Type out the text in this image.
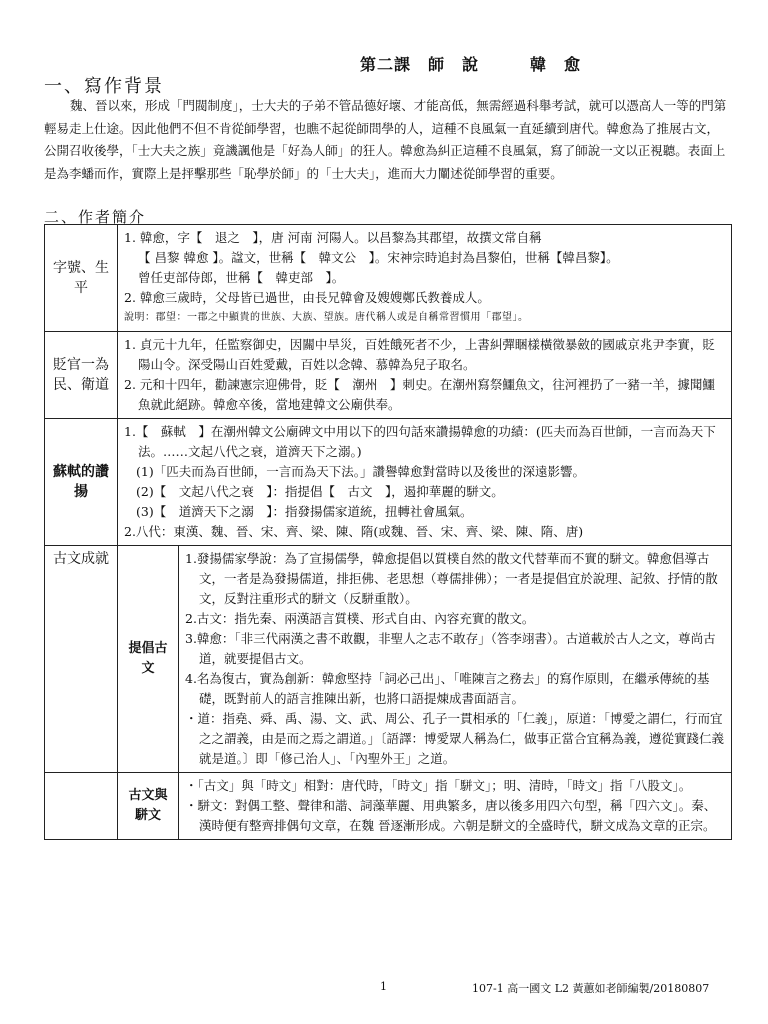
第二課　師　說　　　韓　愈
一、寫作背景

魏、晉以來，形成「門閥制度」，士大夫的子弟不管品德好壞、才能高低，無需經過科舉考試，就可以憑高人一等的門第輕易走上仕途。因此他們不但不肯從師學習，也瞧不起從師問學的人，這種不良風氣一直延續到唐代。韓愈為了推展古文，公開召收後學，「士大夫之族」竟譏諷他是「好為人師」的狂人。韓愈為糾正這種不良風氣，寫了師說一文以正視聽。表面上是為李蟠而作，實際上是抨擊那些「恥學於師」的「士大夫」，進而大力闡述從師學習的重要。

二、作者簡介
字號、生平	1. 韓愈，字【　退之　】，唐 河南 河陽人。以昌黎為其郡望，故撰文常自稱

【 昌黎 韓愈 】。諡文，世稱【　韓文公　】。宋神宗時追封為昌黎伯，世稱【韓昌黎】。

曾任吏部侍郎，世稱【　韓吏部　】。

2. 韓愈三歲時，父母皆已過世，由長兄韓會及嫂嫂鄭氏教養成人。

說明：郡望：一郡之中顯貴的世族、大族、望族。唐代稱人或是自稱常習慣用「郡望」。	

貶官一為民、衛道	1. 貞元十九年，任監察御史，因關中旱災，百姓餓死者不少，上書糾彈睏樣橫徵暴斂的國戚京兆尹李實，貶陽山令。深受陽山百姓愛戴，百姓以念韓、慕韓為兒子取名。

2. 元和十四年，勸諫憲宗迎佛骨，貶【　潮州　】刺史。在潮州寫祭鱷魚文，往河裡扔了一豬一羊，據聞鱷魚就此絕跡。韓愈卒後，當地建韓文公廟供奉。	

蘇軾的讚揚	1.【　蘇軾　】在潮州韓文公廟碑文中用以下的四句話來讚揚韓愈的功績：(匹夫而為百世師，一言而為天下法。……文起八代之衰，道濟天下之溺。)

(1)「匹夫而為百世師，一言而為天下法。」讚譽韓愈對當時以及後世的深遠影響。

(2)【　文起八代之衰　】：指提倡【　古文　】，遏抑華麗的駢文。

(3)【　道濟天下之溺　】：指發揚儒家道統，扭轉社會風氣。

2.八代：東漢、魏、晉、宋、齊、梁、陳、隋(或魏、晉、宋、齊、梁、陳、隋、唐)	

古文成就	提倡古文	1.發揚儒家學說：為了宣揚儒學，韓愈提倡以質樸自然的散文代替華而不實的駢文。韓愈倡導古文，一者是為發揚儒道，排拒佛、老思想（尊儒排佛）；一者是提倡宜於說理、記敘、抒情的散文，反對注重形式的駢文（反駢重散）。

2.古文：指先秦、兩漢語言質樸、形式自由、內容充實的散文。

3.韓愈：「非三代兩漢之書不敢觀，非聖人之志不敢存」（答李翊書）。古道載於古人之文，尊尚古道，就要提倡古文。

4.名為復古，實為創新：韓愈堅持「詞必己出」、「唯陳言之務去」的寫作原則，在繼承傳統的基礎，既對前人的語言推陳出新，也將口語提煉成書面語言。

・道：指堯、舜、禹、湯、文、武、周公、孔子一貫相承的「仁義」，原道：「博愛之謂仁，行而宜之之謂義，由是而之焉之謂道。」〔語譯：博愛眾人稱為仁，做事正當合宜稱為義，遵從實踐仁義就是道。〕即「修己治人」、「內聖外王」之道。

	古文與駢文	・「古文」與「時文」相對：唐代時，「時文」指「駢文」；明、清時，「時文」指「八股文」。

・駢文：對偶工整、聲律和諧、詞藻華麗、用典繁多，唐以後多用四六句型，稱「四六文」。秦、漢時便有整齊排偶句文章，在魏 晉逐漸形成。六朝是駢文的全盛時代，駢文成為文章的正宗。

1	107-1 高一國文 L2 黃蕙如老師編製/20180807
